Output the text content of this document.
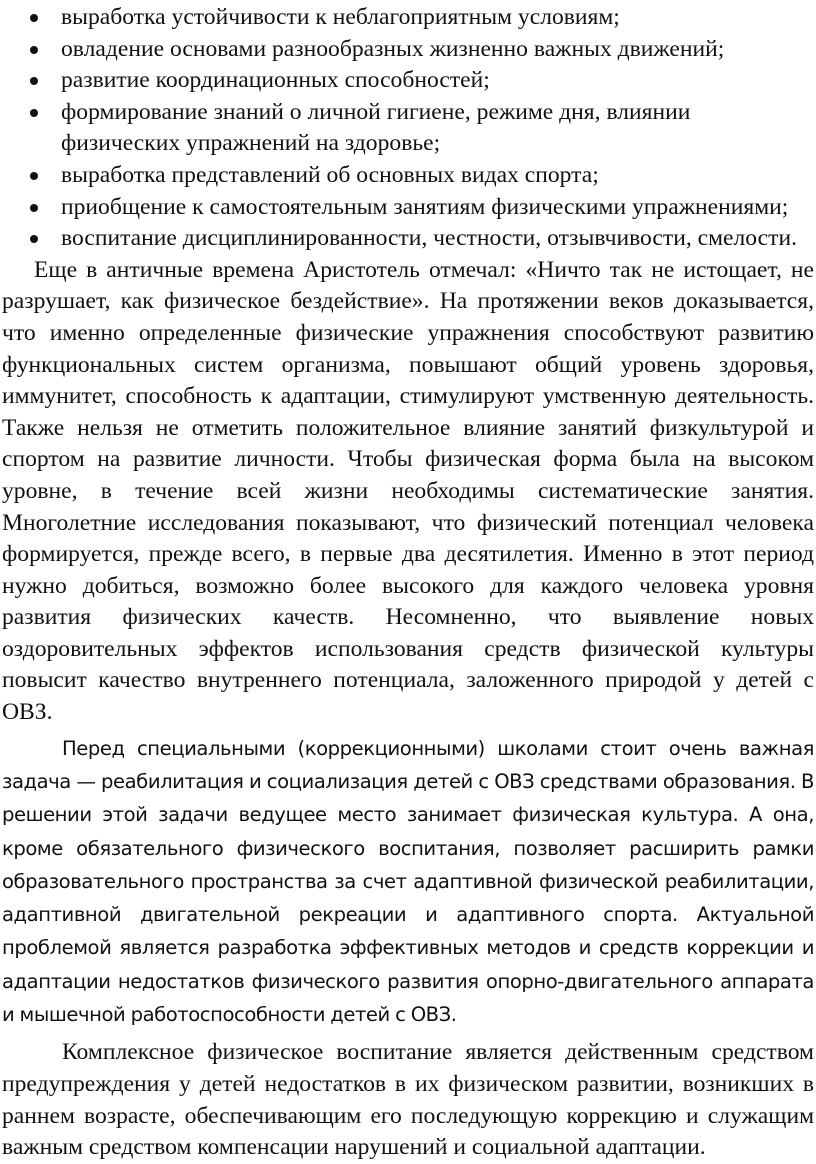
выработка устойчивости к неблагоприятным условиям;
овладение основами разнообразных жизненно важных движений;
развитие координационных способностей;
формирование знаний о личной гигиене, режиме дня, влиянии физических упражнений на здоровье;
выработка представлений об основных видах спорта;
приобщение к самостоятельным занятиям физическими упражнениями;
воспитание дисциплинированности, честности, отзывчивости, смелости.

Еще в античные времена Аристотель отмечал: «Ничто так не истощает, не разрушает, как физическое бездействие». На протяжении веков доказывается, что именно определенные физические упражнения способствуют развитию функциональных систем организма, повышают общий уровень здоровья, иммунитет, способность к адаптации, стимулируют умственную деятельность. Также нельзя не отметить положительное влияние занятий физкультурой и спортом на развитие личности. Чтобы физическая форма была на высоком уровне, в течение всей жизни необходимы систематические занятия. Многолетние исследования показывают, что физический потенциал человека формируется, прежде всего, в первые два десятилетия. Именно в этот период нужно добиться, возможно более высокого для каждого человека уровня развития физических качеств. Несомненно, что выявление новых оздоровительных эффектов использования средств физической культуры повысит качество внутреннего потенциала, заложенного природой у детей с ОВЗ.

Перед специальными (коррекционными) школами стоит очень важная задача — реабилитация и социализация детей с ОВЗ средствами образования. В решении этой задачи ведущее место занимает физическая культура. А она, кроме обязательного физического воспитания, позволяет расширить рамки образовательного пространства за счет адаптивной физической реабилитации, адаптивной двигательной рекреации и адаптивного спорта. Актуальной проблемой является разработка эффективных методов и средств коррекции и адаптации недостатков физического развития опорно-двигательного аппарата и мышечной работоспособности детей с ОВЗ.

Комплексное физическое воспитание является действенным средством предупреждения у детей недостатков в их физическом развитии, возникших в раннем возрасте, обеспечивающим его последующую коррекцию и служащим важным средством компенсации нарушений и социальной адаптации.
